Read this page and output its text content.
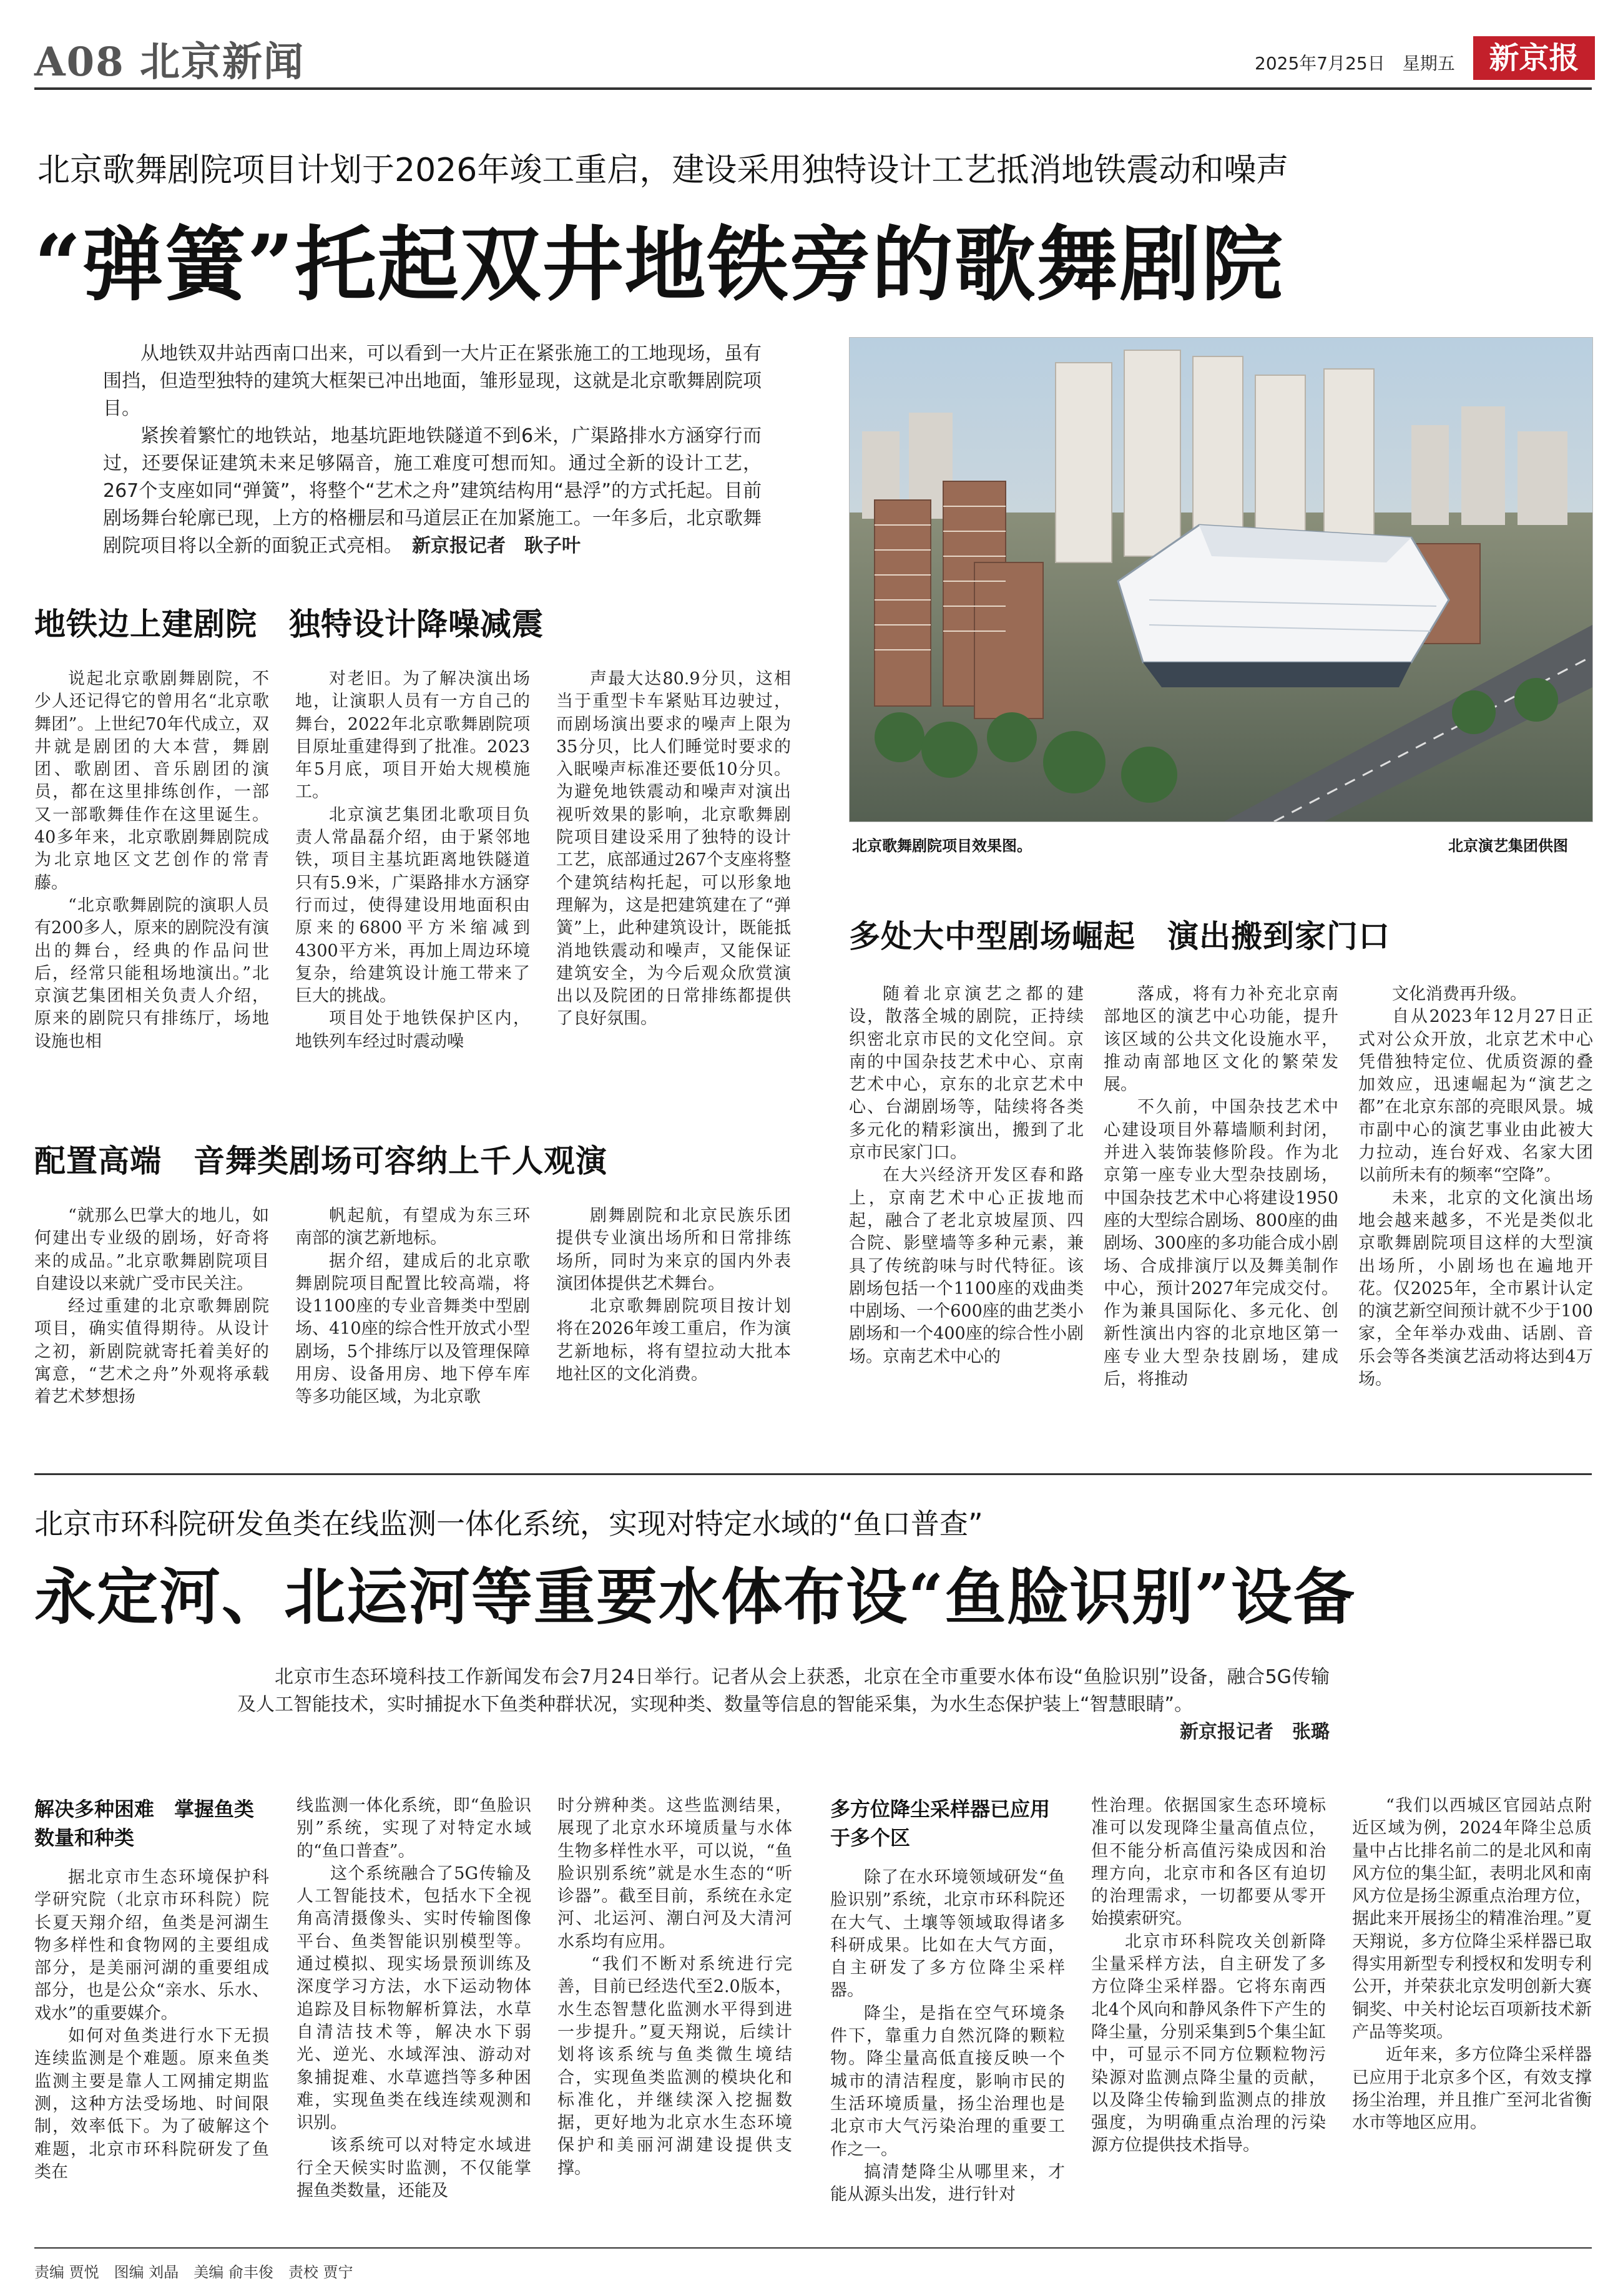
A08 北京新闻	2025年7月25日　星期五	新京报
北京歌舞剧院项目计划于2026年竣工重启，建设采用独特设计工艺抵消地铁震动和噪声
“弹簧”托起双井地铁旁的歌舞剧院

从地铁双井站西南口出来，可以看到一大片正在紧张施工的工地现场，虽有围挡，但造型独特的建筑大框架已冲出地面，雏形显现，这就是北京歌舞剧院项目。

紧挨着繁忙的地铁站，地基坑距地铁隧道不到6米，广渠路排水方涵穿行而过，还要保证建筑未来足够隔音，施工难度可想而知。通过全新的设计工艺，267个支座如同“弹簧”，将整个“艺术之舟”建筑结构用“悬浮”的方式托起。目前剧场舞台轮廓已现，上方的格栅层和马道层正在加紧施工。一年多后，北京歌舞剧院项目将以全新的面貌正式亮相。　 新京报记者　耿子叶

北京歌舞剧院项目效果图。	北京演艺集团供图
地铁边上建剧院　独特设计降噪减震

说起北京歌剧舞剧院，不少人还记得它的曾用名“北京歌舞团”。上世纪70年代成立，双井就是剧团的大本营，舞剧团、歌剧团、音乐剧团的演员，都在这里排练创作，一部又一部歌舞佳作在这里诞生。40多年来，北京歌剧舞剧院成为北京地区文艺创作的常青藤。

“北京歌舞剧院的演职人员有200多人，原来的剧院没有演出的舞台，经典的作品问世后，经常只能租场地演出。”北京演艺集团相关负责人介绍，原来的剧院只有排练厅，场地设施也相

对老旧。为了解决演出场地，让演职人员有一方自己的舞台，2022年北京歌舞剧院项目原址重建得到了批准。2023年5月底，项目开始大规模施工。

北京演艺集团北歌项目负责人常晶磊介绍，由于紧邻地铁，项目主基坑距离地铁隧道只有5.9米，广渠路排水方涵穿行而过，使得建设用地面积由原来的6800平方米缩减到4300平方米，再加上周边环境复杂，给建筑设计施工带来了巨大的挑战。

项目处于地铁保护区内，地铁列车经过时震动噪

声最大达80.9分贝，这相当于重型卡车紧贴耳边驶过，而剧场演出要求的噪声上限为35分贝，比人们睡觉时要求的入眠噪声标准还要低10分贝。为避免地铁震动和噪声对演出视听效果的影响，北京歌舞剧院项目建设采用了独特的设计工艺，底部通过267个支座将整个建筑结构托起，可以形象地理解为，这是把建筑建在了“弹簧”上，此种建筑设计，既能抵消地铁震动和噪声，又能保证建筑安全，为今后观众欣赏演出以及院团的日常排练都提供了良好氛围。

配置高端　音舞类剧场可容纳上千人观演

“就那么巴掌大的地儿，如何建出专业级的剧场，好奇将来的成品。”北京歌舞剧院项目自建设以来就广受市民关注。

经过重建的北京歌舞剧院项目，确实值得期待。从设计之初，新剧院就寄托着美好的寓意，“艺术之舟”外观将承载着艺术梦想扬

帆起航，有望成为东三环南部的演艺新地标。

据介绍，建成后的北京歌舞剧院项目配置比较高端，将设1100座的专业音舞类中型剧场、410座的综合性开放式小型剧场，5个排练厅以及管理保障用房、设备用房、地下停车库等多功能区域，为北京歌

剧舞剧院和北京民族乐团提供专业演出场所和日常排练场所，同时为来京的国内外表演团体提供艺术舞台。

北京歌舞剧院项目按计划将在2026年竣工重启，作为演艺新地标，将有望拉动大批本地社区的文化消费。

多处大中型剧场崛起　演出搬到家门口

随着北京演艺之都的建设，散落全城的剧院，正持续织密北京市民的文化空间。京南的中国杂技艺术中心、京南艺术中心，京东的北京艺术中心、台湖剧场等，陆续将各类多元化的精彩演出，搬到了北京市民家门口。

在大兴经济开发区春和路上，京南艺术中心正拔地而起，融合了老北京坡屋顶、四合院、影壁墙等多种元素，兼具了传统韵味与时代特征。该剧场包括一个1100座的戏曲类中剧场、一个600座的曲艺类小剧场和一个400座的综合性小剧场。京南艺术中心的

落成，将有力补充北京南部地区的演艺中心功能，提升该区域的公共文化设施水平，推动南部地区文化的繁荣发展。

不久前，中国杂技艺术中心建设项目外幕墙顺利封闭，并进入装饰装修阶段。作为北京第一座专业大型杂技剧场，中国杂技艺术中心将建设1950座的大型综合剧场、800座的曲剧场、300座的多功能合成小剧场、合成排演厅以及舞美制作中心，预计2027年完成交付。作为兼具国际化、多元化、创新性演出内容的北京地区第一座专业大型杂技剧场，建成后，将推动

文化消费再升级。

自从2023年12月27日正式对公众开放，北京艺术中心凭借独特定位、优质资源的叠加效应，迅速崛起为“演艺之都”在北京东部的亮眼风景。城市副中心的演艺事业由此被大力拉动，连台好戏、名家大团以前所未有的频率“空降”。

未来，北京的文化演出场地会越来越多，不光是类似北京歌舞剧院项目这样的大型演出场所，小剧场也在遍地开花。仅2025年，全市累计认定的演艺新空间预计就不少于100家，全年举办戏曲、话剧、音乐会等各类演艺活动将达到4万场。

北京市环科院研发鱼类在线监测一体化系统，实现对特定水域的“鱼口普查”
永定河、北运河等重要水体布设“鱼脸识别”设备

北京市生态环境科技工作新闻发布会7月24日举行。记者从会上获悉，北京在全市重要水体布设“鱼脸识别”设备，融合5G传输及人工智能技术，实时捕捉水下鱼类种群状况，实现种类、数量等信息的智能采集，为水生态保护装上“智慧眼睛”。

新京报记者　张璐

解决多种困难　掌握鱼类数量和种类
多方位降尘采样器已应用于多个区

据北京市生态环境保护科学研究院（北京市环科院）院长夏天翔介绍，鱼类是河湖生物多样性和食物网的主要组成部分，是美丽河湖的重要组成部分，也是公众“亲水、乐水、戏水”的重要媒介。

如何对鱼类进行水下无损连续监测是个难题。原来鱼类监测主要是靠人工网捕定期监测，这种方法受场地、时间限制，效率低下。为了破解这个难题，北京市环科院研发了鱼类在

线监测一体化系统，即“鱼脸识别”系统，实现了对特定水域的“鱼口普查”。

这个系统融合了5G传输及人工智能技术，包括水下全视角高清摄像头、实时传输图像平台、鱼类智能识别模型等。通过模拟、现实场景预训练及深度学习方法，水下运动物体追踪及目标物解析算法，水草自清洁技术等，解决水下弱光、逆光、水域浑浊、游动对象捕捉难、水草遮挡等多种困难，实现鱼类在线连续观测和识别。

该系统可以对特定水域进行全天候实时监测，不仅能掌握鱼类数量，还能及

时分辨种类。这些监测结果，展现了北京水环境质量与水体生物多样性水平，可以说，“鱼脸识别系统”就是水生态的“听诊器”。截至目前，系统在永定河、北运河、潮白河及大清河水系均有应用。

“我们不断对系统进行完善，目前已经迭代至2.0版本，水生态智慧化监测水平得到进一步提升。”夏天翔说，后续计划将该系统与鱼类微生境结合，实现鱼类监测的模块化和标准化，并继续深入挖掘数据，更好地为北京水生态环境保护和美丽河湖建设提供支撑。

除了在水环境领域研发“鱼脸识别”系统，北京市环科院还在大气、土壤等领域取得诸多科研成果。比如在大气方面，自主研发了多方位降尘采样器。

降尘，是指在空气环境条件下，靠重力自然沉降的颗粒物。降尘量高低直接反映一个城市的清洁程度，影响市民的生活环境质量，扬尘治理也是北京市大气污染治理的重要工作之一。

搞清楚降尘从哪里来，才能从源头出发，进行针对

性治理。依据国家生态环境标准可以发现降尘量高值点位，但不能分析高值污染成因和治理方向，北京市和各区有迫切的治理需求，一切都要从零开始摸索研究。

北京市环科院攻关创新降尘量采样方法，自主研发了多方位降尘采样器。它将东南西北4个风向和静风条件下产生的降尘量，分别采集到5个集尘缸中，可显示不同方位颗粒物污染源对监测点降尘量的贡献，以及降尘传输到监测点的排放强度，为明确重点治理的污染源方位提供技术指导。

“我们以西城区官园站点附近区域为例，2024年降尘总质量中占比排名前二的是北风和南风方位的集尘缸，表明北风和南风方位是扬尘源重点治理方位，据此来开展扬尘的精准治理。”夏天翔说，多方位降尘采样器已取得实用新型专利授权和发明专利公开，并荣获北京发明创新大赛铜奖、中关村论坛百项新技术新产品等奖项。

近年来，多方位降尘采样器已应用于北京多个区，有效支撑扬尘治理，并且推广至河北省衡水市等地区应用。

责编 贾悦　图编 刘晶　美编 俞丰俊　责校 贾宁
